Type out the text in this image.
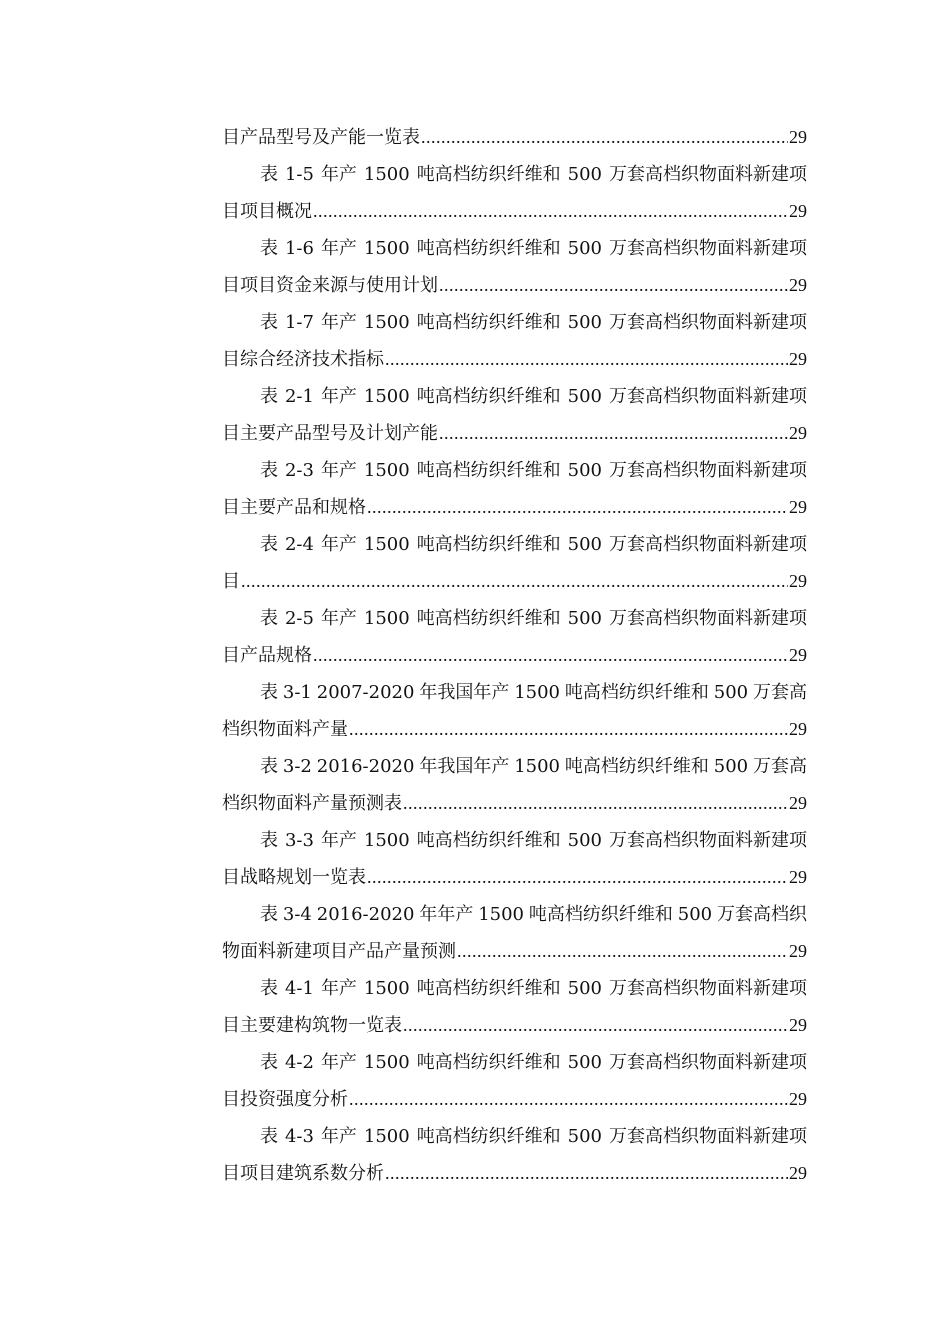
目产品型号及产能一览表 .....	29
表 1-5 年产 1500 吨高档纺织纤维和 500 万套高档织物面料新建项
目项目概况 .....	29
表 1-6 年产 1500 吨高档纺织纤维和 500 万套高档织物面料新建项
目项目资金来源与使用计划 .....	29
表 1-7 年产 1500 吨高档纺织纤维和 500 万套高档织物面料新建项
目综合经济技术指标 .....	29
表 2-1 年产 1500 吨高档纺织纤维和 500 万套高档织物面料新建项
目主要产品型号及计划产能 .....	29
表 2-3 年产 1500 吨高档纺织纤维和 500 万套高档织物面料新建项
目主要产品和规格 .....	29
表 2-4 年产 1500 吨高档纺织纤维和 500 万套高档织物面料新建项
目 .....	29
表 2-5 年产 1500 吨高档纺织纤维和 500 万套高档织物面料新建项
目产品规格 .....	29
表 3-1 2007-2020 年我国年产 1500 吨高档纺织纤维和 500 万套高
档织物面料产量 .....	29
表 3-2 2016-2020 年我国年产 1500 吨高档纺织纤维和 500 万套高
档织物面料产量预测表 .....	29
表 3-3 年产 1500 吨高档纺织纤维和 500 万套高档织物面料新建项
目战略规划一览表 .....	29
表 3-4 2016-2020 年年产 1500 吨高档纺织纤维和 500 万套高档织
物面料新建项目产品产量预测 .....	29
表 4-1 年产 1500 吨高档纺织纤维和 500 万套高档织物面料新建项
目主要建构筑物一览表 .....	29
表 4-2 年产 1500 吨高档纺织纤维和 500 万套高档织物面料新建项
目投资强度分析 .....	29
表 4-3 年产 1500 吨高档纺织纤维和 500 万套高档织物面料新建项
目项目建筑系数分析 .....	29
